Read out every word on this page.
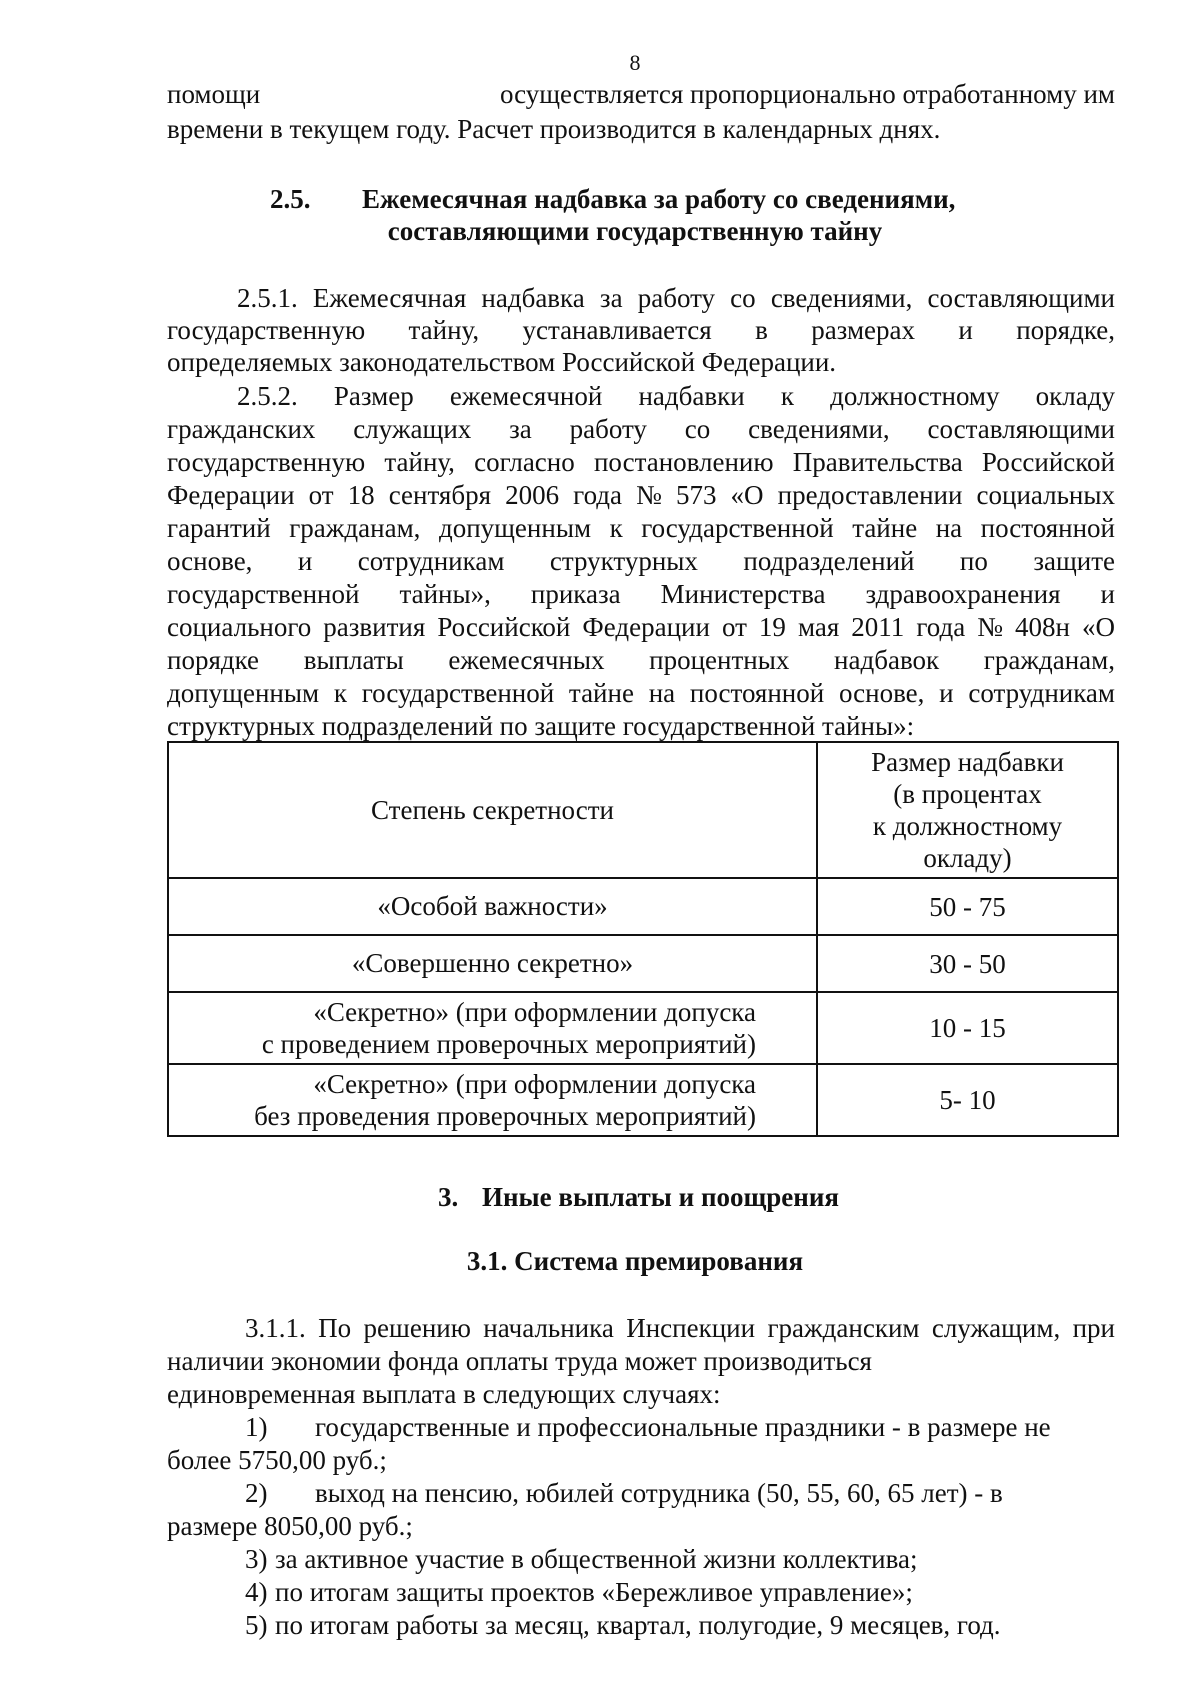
8
помощи	осуществляется пропорционально отработанному им
времени в текущем году. Расчет производится в календарных днях.
2.5. Ежемесячная надбавка за работу со сведениями,
составляющими государственную тайну
2.5.1. Ежемесячная надбавка за работу со сведениями, составляющими
государственную тайну, устанавливается в размерах и порядке,
определяемых законодательством Российской Федерации.
2.5.2. Размер ежемесячной надбавки к должностному окладу
гражданских служащих за работу со сведениями, составляющими
государственную тайну, согласно постановлению Правительства Российской
Федерации от 18 сентября 2006 года № 573 «О предоставлении социальных
гарантий гражданам, допущенным к государственной тайне на постоянной
основе, и сотрудникам структурных подразделений по защите
государственной тайны», приказа Министерства здравоохранения и
социального развития Российской Федерации от 19 мая 2011 года № 408н «О
порядке выплаты ежемесячных процентных надбавок гражданам,
допущенным к государственной тайне на постоянной основе, и сотрудникам
структурных подразделений по защите государственной тайны»:
Степень секретности	Размер надбавки
(в процентах
к должностному
окладу)

«Особой важности»	50 - 75
«Совершенно секретно»	30 - 50

«Секретно» (при оформлении допуска
с проведением проверочных мероприятий)	10 - 15

«Секретно» (при оформлении допуска
без проведения проверочных мероприятий)	5- 10
3. Иные выплаты и поощрения
3.1. Система премирования
3.1.1. По решению начальника Инспекции гражданским служащим, при
наличии экономии фонда оплаты труда может производиться
единовременная выплата в следующих случаях:
1) государственные и профессиональные праздники - в размере не
более 5750,00 руб.;
2) выход на пенсию, юбилей сотрудника (50, 55, 60, 65 лет) - в
размере 8050,00 руб.;
3) за активное участие в общественной жизни коллектива;
4) по итогам защиты проектов «Бережливое управление»;
5) по итогам работы за месяц, квартал, полугодие, 9 месяцев, год.
